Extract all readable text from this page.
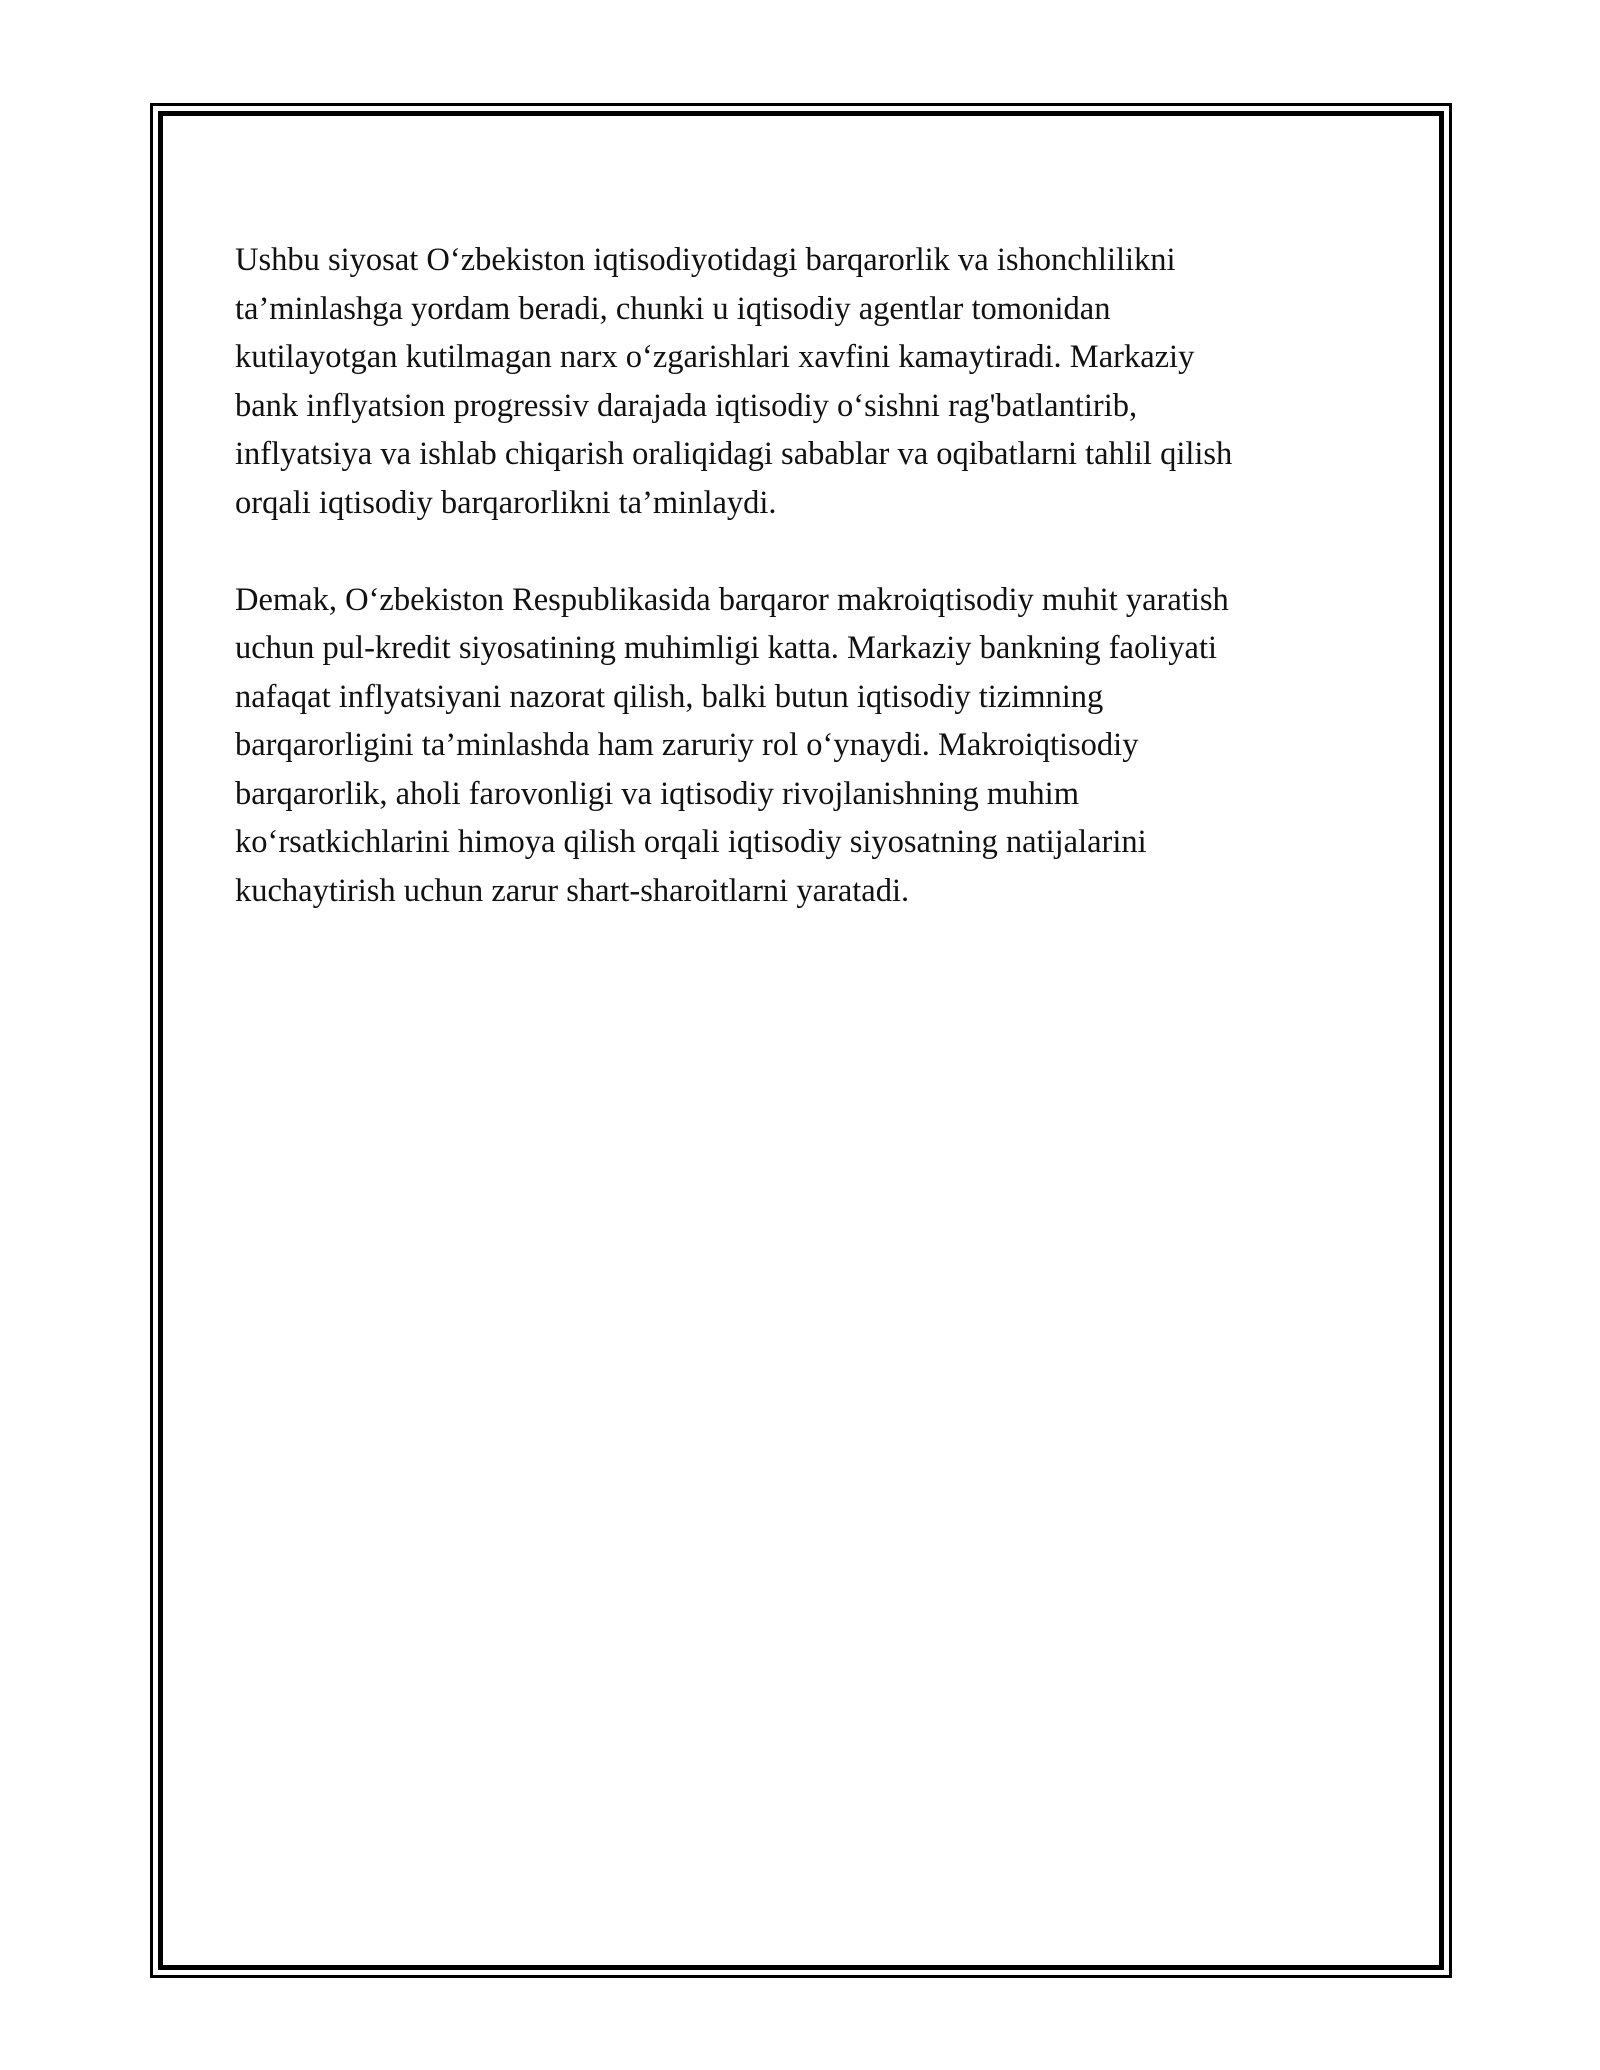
Ushbu siyosat O‘zbekiston iqtisodiyotidagi barqarorlik va ishonchlilikni
ta’minlashga yordam beradi, chunki u iqtisodiy agentlar tomonidan
kutilayotgan kutilmagan narx o‘zgarishlari xavfini kamaytiradi. Markaziy
bank inflyatsion progressiv darajada iqtisodiy o‘sishni rag'batlantirib,
inflyatsiya va ishlab chiqarish oraliqidagi sabablar va oqibatlarni tahlil qilish
orqali iqtisodiy barqarorlikni ta’minlaydi.

Demak, O‘zbekiston Respublikasida barqaror makroiqtisodiy muhit yaratish
uchun pul-kredit siyosatining muhimligi katta. Markaziy bankning faoliyati
nafaqat inflyatsiyani nazorat qilish, balki butun iqtisodiy tizimning
barqarorligini ta’minlashda ham zaruriy rol o‘ynaydi. Makroiqtisodiy
barqarorlik, aholi farovonligi va iqtisodiy rivojlanishning muhim
ko‘rsatkichlarini himoya qilish orqali iqtisodiy siyosatning natijalarini
kuchaytirish uchun zarur shart-sharoitlarni yaratadi.
